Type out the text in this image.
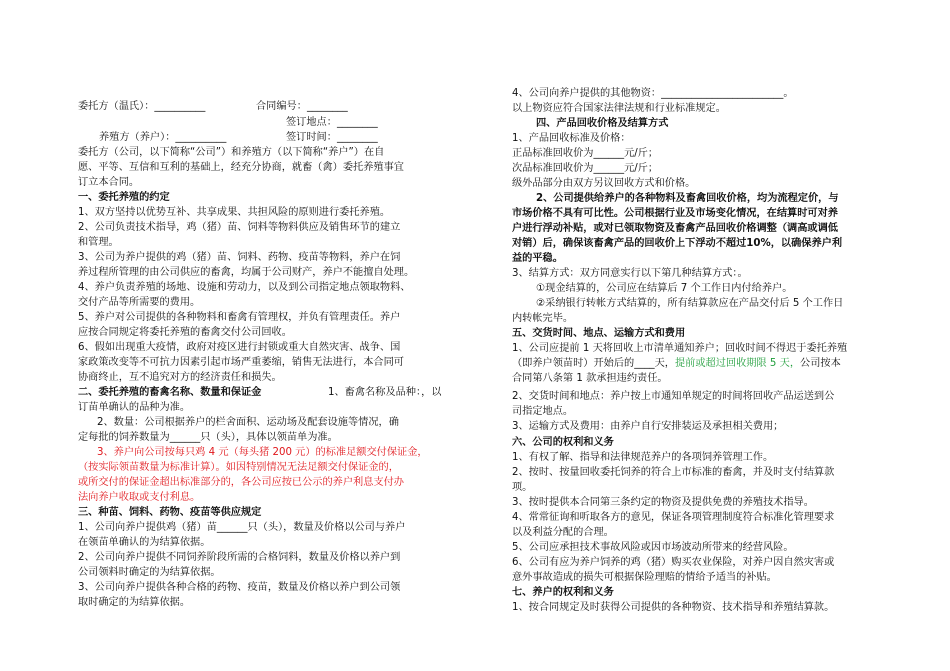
委托方（温氏）：__________	合同编号：________
签订地点：________
养殖方（养户）：__________	签订时间：________
委托方（公司，以下简称“公司”）和养殖方（以下简称“养户”）在自
愿、平等、互信和互利的基础上，经充分协商，就畜（禽）委托养殖事宜
订立本合同。
一、委托养殖的约定
1、双方坚持以优势互补、共享成果、共担风险的原则进行委托养殖。
2、公司负责技术指导，鸡（猪）苗、饲料等物料供应及销售环节的建立
和管理。
3、公司为养户提供的鸡（猪）苗、饲料、药物、疫苗等物料，养户在饲
养过程所管理的由公司供应的畜禽，均属于公司财产，养户不能擅自处理。
4、养户负责养殖的场地、设施和劳动力，以及到公司指定地点领取物料、
交付产品等所需要的费用。
5、养户对公司提供的各种物料和畜禽有管理权，并负有管理责任。养户
应按合同规定将委托养殖的畜禽交付公司回收。
6、假如出现重大疫情，政府对疫区进行封锁或重大自然灾害、战争、国
家政策改变等不可抗力因素引起市场严重萎缩，销售无法进行，本合同可
协商终止，互不追究对方的经济责任和损失。
二、委托养殖的畜禽名称、数量和保证金	1、畜禽名称及品种：，以
订苗单确认的品种为准。
2、数量：公司根据养户的栏舍面积、运动场及配套设施等情况，确
定每批的饲养数量为______只（头），具体以领苗单为准。
3、养户向公司按每只鸡 4 元（每头猪 200 元）的标准足额交付保证金，
（按实际领苗数量为标准计算）。如因特别情况无法足额交付保证金的，
或所交付的保证金超出标准部分的，各公司应按已公示的养户利息支付办
法向养户收取或支付利息。
三、种苗、饲料、药物、疫苗等供应规定
1、公司向养户提供鸡（猪）苗______只（头），数量及价格以公司与养户
在领苗单确认的为结算依据。
2、公司向养户提供不同饲养阶段所需的合格饲料，数量及价格以养户到
公司领料时确定的为结算依据。
3、公司向养户提供各种合格的药物、疫苗，数量及价格以养户到公司领
取时确定的为结算依据。
4、公司向养户提供的其他物资：________________________。
以上物资应符合国家法律法规和行业标准规定。
四、产品回收价格及结算方式
1、产品回收标准及价格：
正品标准回收价为______元/斤；
次品标准回收价为______元/斤；
级外品部分由双方另议回收方式和价格。
2、公司提供给养户的各种物料及畜禽回收价格，均为流程定价，与
市场价格不具有可比性。公司根据行业及市场变化情况，在结算时可对养
户进行浮动补贴，或对已领取物资及畜禽产品回收价格调整（调高或调低
对销）后，确保该畜禽产品的回收价上下浮动不超过10%，以确保养户利
益的平稳。
3、结算方式：双方同意实行以下第几种结算方式：。
①现金结算的，公司应在结算后 7 个工作日内付给养户。
②采纳银行转帐方式结算的，所有结算款应在产品交付后 5 个工作日
内转帐完毕。
五、交货时间、地点、运输方式和费用
1、公司应提前 1 天将回收上市清单通知养户；回收时间不得迟于委托养殖
（即养户领苗时）开始后的____天，提前或超过回收期限 5 天，公司按本
合同第八条第 1 款承担违约责任。
2、交货时间和地点：养户按上市通知单规定的时间将回收产品运送到公
司指定地点。
3、运输方式及费用：由养户自行安排装运及承担相关费用；
六、公司的权利和义务
1、有权了解、指导和法律规范养户的各项饲养管理工作。
2、按时、按量回收委托饲养的符合上市标准的畜禽，并及时支付结算款
项。
3、按时提供本合同第三条约定的物资及提供免费的养殖技术指导。
4、常常征询和听取各方的意见，保证各项管理制度符合标准化管理要求
以及利益分配的合理。
5、公司应承担技术事故风险或因市场波动所带来的经营风险。
6、公司有应为养户饲养的鸡（猪）购买农业保险，对养户因自然灾害或
意外事故造成的损失可根据保险理赔的情给予适当的补贴。
七、养户的权利和义务
1、按合同规定及时获得公司提供的各种物资、技术指导和养殖结算款。
